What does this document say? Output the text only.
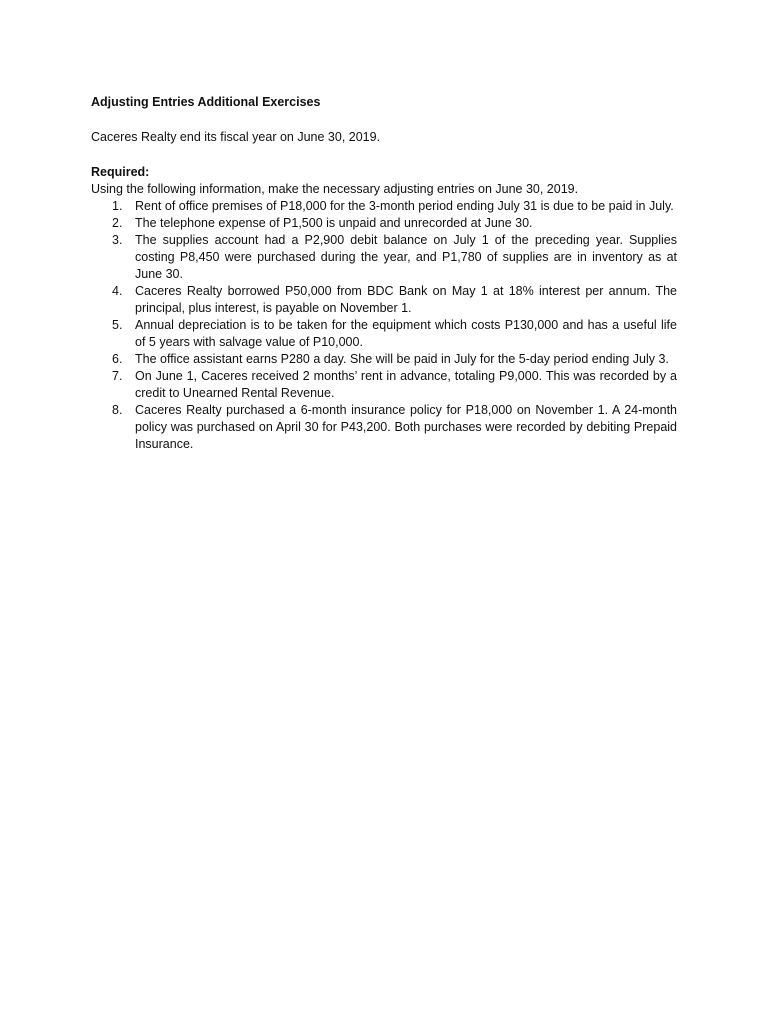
Adjusting Entries Additional Exercises

Caceres Realty end its fiscal year on June 30, 2019.

Required:

Using the following information, make the necessary adjusting entries on June 30, 2019.

1. Rent of office premises of P18,000 for the 3-month period ending July 31 is due to be paid in July.
2. The telephone expense of P1,500 is unpaid and unrecorded at June 30.
3. The supplies account had a P2,900 debit balance on July 1 of the preceding year. Supplies costing P8,450 were purchased during the year, and P1,780 of supplies are in inventory as at June 30.
4. Caceres Realty borrowed P50,000 from BDC Bank on May 1 at 18% interest per annum. The principal, plus interest, is payable on November 1.
5. Annual depreciation is to be taken for the equipment which costs P130,000 and has a useful life of 5 years with salvage value of P10,000.
6. The office assistant earns P280 a day. She will be paid in July for the 5-day period ending July 3.
7. On June 1, Caceres received 2 months’ rent in advance, totaling P9,000. This was recorded by a credit to Unearned Rental Revenue.
8. Caceres Realty purchased a 6-month insurance policy for P18,000 on November 1. A 24-month policy was purchased on April 30 for P43,200. Both purchases were recorded by debiting Prepaid Insurance.
